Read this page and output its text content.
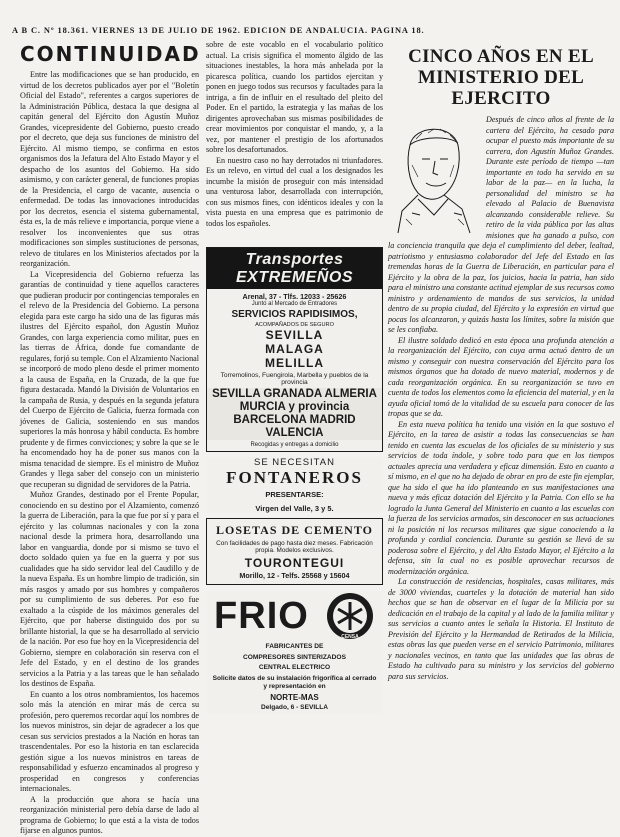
A B C. Nº 18.361. VIERNES 13 DE JULIO DE 1962. EDICION DE ANDALUCIA. PAGINA 18.
CONTINUIDAD

Entre las modificaciones que se han producido, en virtud de los decretos publicados ayer por el "Boletín Oficial del Estado", referentes a cargos superiores de la Administración Pública, destaca la que designa al capitán general del Ejército don Agustín Muñoz Grandes, vicepresidente del Gobierno, puesto creado por el decreto, que deja sus funciones de ministro del Ejército. Al mismo tiempo, se confirma en estos organismos dos la Jefatura del Alto Estado Mayor y el despacho de los asuntos del Gobierno. Ha sido asimismo, y con carácter general, de funciones propias de la Presidencia, el cargo de vacante, ausencia o enfermedad. De todas las innovaciones introducidas por los decretos, esencia el sistema gubernamental, ésta es, la de más relieve e importancia, porque viene a resolver los inconvenientes que sus otras modificaciones son simples sustituciones de personas, relevo de titulares en los Ministerios afectados por la reorganización.

La Vicepresidencia del Gobierno refuerza las garantías de continuidad y tiene aquellos caracteres que pudieran producir por contingencias temporales en el relevo de la Presidencia del Gobierno. La persona elegida para este cargo ha sido una de las figuras más ilustres del Ejército español, don Agustín Muñoz Grandes, con larga experiencia como militar, pues en las tierras de África, donde fue comandante de regulares, forjó su temple. Con el Alzamiento Nacional se incorporó de modo pleno desde el primer momento a la causa de España, en la Cruzada, de la que fue figura destacada. Mandó la División de Voluntarios en la campaña de Rusia, y después en la segunda jefatura del Cuerpo de Ejército de Galicia, fuerza formada con jóvenes de Galicia, sosteniendo en sus mandos superiores la más honrosa y hábil conducta. Es hombre prudente y de firmes convicciones; y sobre la que se le ha encomendado hoy ha de poner sus manos con la misma tenacidad de siempre. Es el ministro de Muñoz Grandes y llega saber del consejo con un ministerio que recuperan su dignidad de servidores de la Patria.

Muñoz Grandes, destinado por el Frente Popular, conociendo en su destino por el Alzamiento, comenzó la guerra de Liberación, para la que fue por sí y para el ejército y las columnas nacionales y con la zona nacional desde la primera hora, desarrollando una labor en vanguardia, donde por si mismo se tuvo el docto soldado quien ya fue en la guerra y por sus cualidades que ha sido servidor leal del Caudillo y de la nueva España. Es un hombre limpio de tradición, sin más rasgos y amado por sus hombres y compañeros por su cumplimiento de sus deberes. Por eso fue exaltado a la cúspide de los máximos generales del Ejército, que por haberse distinguido dos por su brillante historial, la que se ha desarrollado al servicio de la nación. Por eso fue hoy en la Vicepresidencia del Gobierno, siempre en colaboración sin reserva con el Jefe del Estado, y en el destino de los grandes servicios a la Patria y a las tareas que le han señalado los destinos de España.

En cuanto a los otros nombramientos, los hacemos solo más la atención en mirar más de cerca su profesión, pero queremos recordar aquí los nombres de los nuevos ministros, sin dejar de agradecer a los que cesan sus servicios prestados a la Nación en horas tan trascendentales. Por eso la historia en tan esclarecida gestión sigue a los nuevos ministros en tareas de responsabilidad y esfuerzo encaminados al progreso y prosperidad en congresos y conferencias internacionales.

A la producción que ahora se hacía una reorganización ministerial pero debía darse de lado al programa de Gobierno; lo que está a la vista de todos fijarse en algunos puntos.

sobre de este vocablo en el vocabulario político actual. La crisis significa el momento álgido de las situaciones inestables, la hora más anhelada por la picaresca política, cuando los partidos ejercitan y ponen en juego todos sus recursos y facultades para la intriga, a fin de influir en el resultado del pleito del Poder. En el partido, la estrategia y las mañas de los dirigentes aprovechaban sus mismas posibilidades de crear movimientos por conquistar el mando, y, a la vez, por mantener el prestigio de los afortunados sobre los desafortunados.

En nuestro caso no hay derrotados ni triunfadores. Es un relevo, en virtud del cual a los designados les incumbe la misión de proseguir con más intensidad una venturosa labor, desarrollada con interrupción, con sus mismos fines, con idénticos ideales y con la vista puesta en una empresa que es patrimonio de todos los españoles.

Transportes EXTREMEÑOS
Arenal, 37 - Tlfs. 12033 - 25626
Junto al Mercado de Entradores
SERVICIOS RAPIDISIMOS,
ACOMPAÑADOS DE SEGURO
SEVILLA
MALAGA
MELILLA
Torremolinos, Fuengirola, Marbella y pueblos de la provincia
SEVILLA GRANADA ALMERIA
MURCIA y provincia
BARCELONA MADRID VALENCIA
Recogidas y entregas a domicilio
SE NECESITAN
FONTANEROS
PRESENTARSE:
Virgen del Valle, 3 y 5.
LOSETAS DE CEMENTO
Con facilidades de pago hasta diez meses. Fabricación propia. Modelos exclusivos.
TOURONTEGUI
Morillo, 12 - Telfs. 25568 y 15604
FRIO
CENSA
FABRICANTES DE
COMPRESORES SINTERIZADOS
CENTRAL ELECTRICO
Solicite datos de su instalación frigorífica al cerrado y representación en
NORTE-MAS
Delgado, 6 - SEVILLA
CINCO AÑOS EN EL MINISTERIO DEL EJERCITO

Después de cinco años al frente de la cartera del Ejército, ha cesado para ocupar el puesto más importante de su carrera, don Agustín Muñoz Grandes. Durante este período de tiempo —tan importante en todo ha servido en su labor de la paz— en la lucha, la personalidad del ministro se ha elevado al Palacio de Buenavista alcanzando considerable relieve. Su retiro de la vida pública por las altas misiones que ha ganado a pulso, con la conciencia tranquila que deja el cumplimiento del deber, lealtad, patriotismo y entusiasmo colaborador del Jefe del Estado en las tremendas horas de la Guerra de Liberación, en particular para el Ejército y la obra de la paz, los juicios, hacia la patria, han sido para el ministro una constante actitud ejemplar de sus recursos como ministro y ordenamiento de mandos de sus servicios, la unidad dentro de su propia ciudad, del Ejército y la expresión en virtud que pocas los alcanzaron, y quizás hasta los límites, sobre la misión que se les confiaba.

El ilustre soldado dedicó en esta época una profunda atención a la reorganización del Ejército, con cuya arma actuó dentro de un mismo y conseguir con nuestra conservación del Ejército para los mismos órganos que ha dotado de nuevo material, modernos y de cada reorganización orgánica. En su reorganización se tuvo en cuenta de todos los elementos como la eficiencia del material, y en la ayuda oficial tomó de la vitalidad de su escuela para conocer de las tropas que se da.

En esta nueva política ha tenido una visión en la que sostuvo el Ejército, en la tarea de asistir a todas las consecuencias se han tenido en cuenta las escuelas de los oficiales de su ministerio y sus servicios de toda índole, y sobre todo para que en los tiempos actuales aprecia una verdadera y eficaz dimensión. Esto en cuanto a sí mismo, en el que no ha dejado de obrar en pro de este fin ejemplar, que ha sido el que ha ido planteando en sus manifestaciones una nueva y más eficaz dotación del Ejército y la Patria. Con ello se ha logrado la Junta General del Ministerio en cuanto a las escuelas con la fuerza de los servicios armados, sin desconocer en sus actuaciones ni la posición ni los recursos militares que sigue conociendo a la profunda y cordial conciencia. Durante su gestión se llevó de su poderosa sobre el Ejército, y del Alto Estado Mayor, el Ejército a la defensa, sin la cual no es posible aprovechar recursos de modernización orgánica.

La construcción de residencias, hospitales, casas militares, más de 3000 viviendas, cuarteles y la dotación de material han sido hechos que se han de observar en el lugar de la Milicia por su dedicación en el trabajo de la capital y al lado de la familia militar y sus servicios a cuanto antes le señala la Historia. El Instituto de Previsión del Ejército y la Hermandad de Retirados de la Milicia, estas obras las que pueden verse en el servicio Patrimonio, militares y nacionales vecinos, en tanto que las unidades que las obras de Estado ha cultivado para su ministro y los servicios del gobierno para sus servicios.
